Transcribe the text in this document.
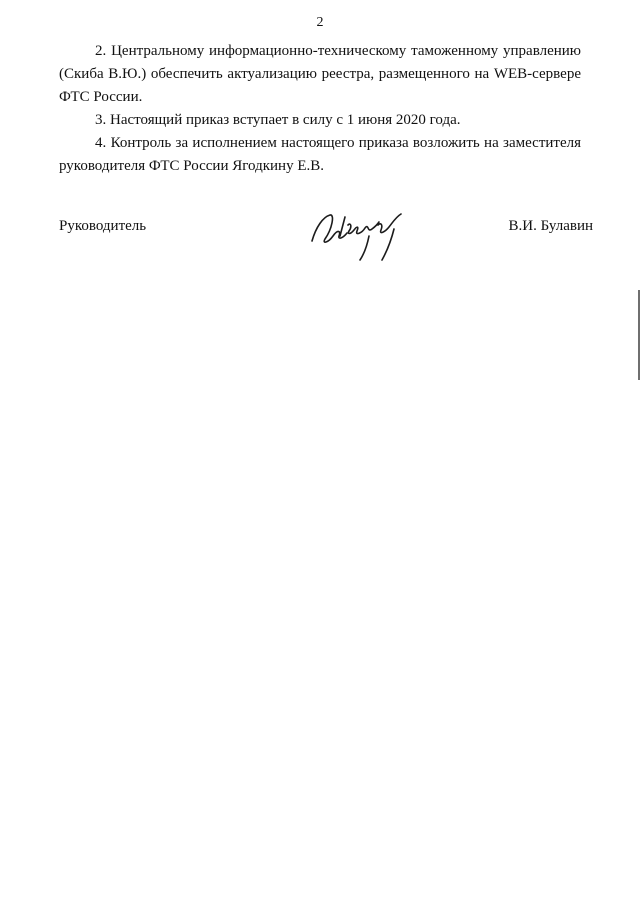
2

2. Центральному информационно-техническому таможенному управлению (Скиба В.Ю.) обеспечить актуализацию реестра, размещенного на WEB-сервере ФТС России.

3. Настоящий приказ вступает в силу с 1 июня 2020 года.

4. Контроль за исполнением настоящего приказа возложить на заместителя руководителя ФТС России Ягодкину Е.В.

Руководитель	В.И. Булавин
